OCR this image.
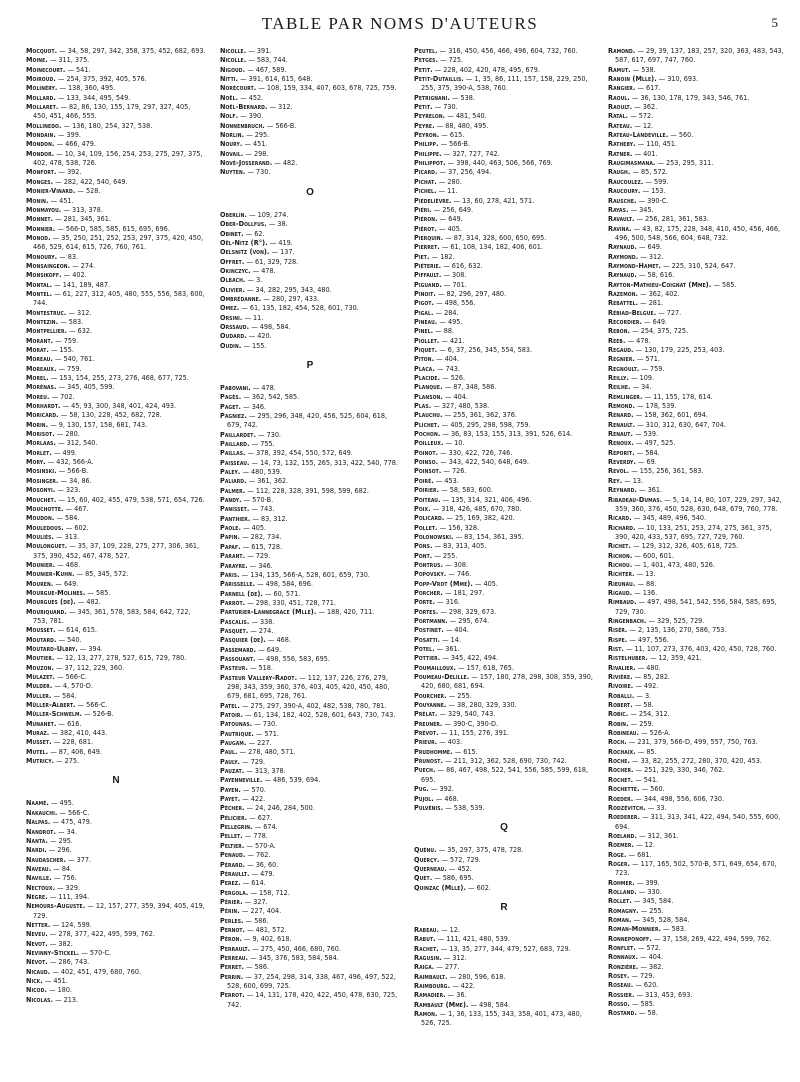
TABLE PAR NOMS D'AUTEURS	5
Mocquot. — 34, 58, 297, 342, 358, 375, 452, 682, 693.
Moine. — 311, 375.
Moinecourt. — 541.
Moiroud. — 254, 375, 392, 405, 576.
Molinéry. — 138, 360, 495.
Mollard. — 133, 344, 495, 549.
Mollaret. — 82, 86, 130, 155, 179, 297, 327, 405, 450, 451, 466, 555.
Mollinedo. — 136, 180, 254, 327, 538.
Mondain. — 399.
Mondon. — 466, 479.
Mondor. — 10, 34, 109, 156, 254, 253, 275, 297, 375, 402, 478, 538, 726.
Monfort. — 392.
Monges. — 282, 422, 540, 649.
Monier-Vinard. — 528.
Monin. — 451.
Monmayou. — 313, 378.
Monnet. — 281, 345, 361.
Monnier. — 566-D, 585, 585, 615, 695, 696.
Monod. — 35, 250, 251, 252, 253, 297, 375, 420, 450, 466, 529, 614, 615, 726, 760, 761.
Monoury. — 83.
Monsaingeon. — 274.
Monsikoff. — 402.
Montal. — 141, 189, 487.
Montel. — 61, 227, 312, 405, 480, 555, 556, 583, 600, 744.
Montestruc. — 312.
Montezin. — 583.
Montpellier. — 632.
Morant. — 759.
Morat. — 155.
Moreau. — 540, 761.
Moreaux. — 759.
Morel. — 153, 154, 255, 273, 276, 468, 677, 725.
Morénas. — 345, 405, 599.
Moreu. — 702.
Morhardt. — 45, 93, 300, 348, 401, 424, 493.
Moricard. — 58, 130, 228, 452, 682, 728.
Morin. — 9, 130, 157, 158, 681, 743.
Morisot. — 280.
Morlaas. — 312, 540.
Morlet. — 499.
Mory. — 432, 566-A.
Mosinski. — 566-B.
Mosinger. — 34, 86.
Mosonyi. — 323.
Mouchet. — 15, 60, 402, 455, 479, 538, 571, 654, 726.
Mouchotte. — 467.
Moudon. — 584.
Mouledous. — 602.
Mouliès. — 313.
Moulonguet. — 35, 37, 109, 228, 275, 277, 306, 361, 375, 390, 452, 467, 478, 527.
Mounier. — 468.
Mounier-Kuhn. — 85, 345, 572.
Mouren. — 649.
Mourgue-Molines. — 585.
Mourgues (de). — 482.
Mouriquand. — 345, 361, 578, 583, 584, 642, 722, 753, 781.
Mousset. — 614, 615.
Moutard. — 540.
Moutard-Ulbry. — 394.
Moutier. — 12, 13, 277, 278, 527, 615, 729, 780.
Mouzon. — 37, 112, 229, 360.
Mulazet. — 566-C.
Mulder. — 4, 570-D.
Muller. — 584.
Müller-Albert. — 566-C.
Müller-Schwelm. — 526-B.
Munanet. — 616.
Muraz. — 382, 410, 443.
Musset. — 228, 681.
Mutel. — 87, 406, 649.
Mutricy. — 275.
N
Naamé. — 495.
Nakauchi. — 566-C.
Nalpas. — 475, 479.
Nandrot. — 34.
Nanta. — 295.
Nardi. — 296.
Naudascher. — 377.
Naveau. — 84.
Naville. — 756.
Nectoux. — 329.
Nègre. — 111, 394.
Nemours-Auguste. — 12, 157, 277, 359, 394, 405, 419, 729.
Netter. — 124, 599.
Neveu. — 278, 377, 422, 495, 599, 762.
Nevot. — 382.
Nevinny-Stickel. — 570-C.
Névot. — 286, 743.
Nicaud. — 402, 451, 479, 680, 760.
Nick. — 451.
Nicod. — 180.
Nicolas. — 213.
Nicolle. — 391.
Nicolle. — 583, 744.
Nigoud. — 467, 589.
Nitti. — 391, 614, 615, 648.
Norécourt. — 108, 159, 334, 407, 603, 678, 725, 759.
Noël. — 452.
Noël-Bernard. — 312.
Nolf. — 390.
Nonnenbruch. — 566-B.
Norlin. — 295.
Noury. — 451.
Novail. — 298.
Nové-Josserand. — 482.
Nuyten. — 730.
O
Oberlin. — 109, 274.
Ober-Dollfus. — 38.
Obinet. — 62.
Oël-Nitz (R°). — 419.
Oelsnitz (von). — 137.
Offret. — 61, 329, 728.
Okinczyc. — 478.
Olbach. — 3.
Olivier. — 34, 282, 295, 343, 480.
Ombrédanne. — 280, 297, 433.
Omez. — 61, 135, 182, 454, 528, 601, 730.
Orsini. — 11.
Orssaud. — 498, 584.
Oudard. — 420.
Oudin. — 155.
P
Pabovani. — 478.
Pagès. — 362, 542, 585.
Paget. — 346.
Pagniez. — 295, 296, 348, 420, 456, 525, 604, 618, 679, 742.
Paillardet. — 730.
Paillard. — 755.
Paillas. — 378, 392, 454, 550, 572, 649.
Paisseau. — 14, 73, 132, 155, 265, 313, 422, 540, 778.
Paley. — 480, 539.
Paliard. — 361, 362.
Palmer. — 112, 228, 328, 391, 598, 599, 682.
Pandy. — 570-B.
Panisset. — 743.
Panthier. — 83, 312.
Paole. — 405.
Papin. — 282, 734.
Papaf. — 615, 728.
Parant. — 729.
Parayre. — 346.
Paris. — 134, 135, 566-A, 528, 601, 659, 730.
Parisselle. — 498, 584, 696.
Parnell (de). — 60, 571.
Parrot. — 298, 330, 451, 728, 771.
Parturier-Lannegrace (Mlle). — 188, 420, 711.
Pascalis. — 338.
Pasquet. — 274.
Pasquier (de). — 468.
Passemard. — 649.
Passouant. — 498, 556, 583, 695.
Pasteur. — 518.
Pasteur Vallery-Radot. — 112, 137, 226, 276, 279, 298, 343, 359, 360, 376, 403, 405, 420, 450, 480, 679, 681, 695, 728, 761.
Patel. — 275, 297, 390-A, 402, 482, 538, 780, 781.
Patoir. — 61, 134, 182, 402, 528, 601, 643, 730, 743.
Patounas. — 730.
Pautrique. — 571.
Paugam. — 227.
Paul. — 278, 480, 571.
Pauly. — 729.
Pauzat. — 313, 378.
Payenneville. — 486, 539, 694.
Payen. — 570.
Payet. — 422.
Pécher. — 24, 246, 284, 500.
Pélicier. — 627.
Pellegrin. — 674.
Pellet. — 778.
Peltier. — 570-A.
Penaud. — 762.
Pérard. — 36, 60.
Péraullt. — 479.
Perez. — 614.
Pergola. — 158, 712.
Périer. — 327.
Périn. — 227, 404.
Perles. — 586.
Pernot. — 481, 572.
Péron. — 9, 402, 618.
Perrault. — 275, 450, 466, 680, 760.
Perreau. — 345, 376, 583, 584, 584.
Perret. — 586.
Perrin. — 37, 254, 298, 314, 338, 467, 496, 497, 522, 528, 600, 699, 725.
Perrot. — 14, 131, 178, 420, 422, 450, 478, 630, 725, 742.
Peutel. — 316, 450, 456, 466, 496, 604, 732, 760.
Petges. — 725.
Petit. — 228, 402, 420, 478, 495, 679.
Petit-Dutaillis. — 1, 35, 86, 111, 157, 158, 229, 250, 255, 375, 390-A, 538, 760.
Petrignani. — 538.
Petit. — 730.
Peyrelon. — 481, 540.
Peyre. — 88, 480, 495.
Peyron. — 615.
Philipp. — 566-B.
Philippe. — 327, 727, 742.
Philippot. — 398, 440, 463, 506, 566, 769.
Picard. — 37, 256, 494.
Pichat. — 280.
Pichel. — 11.
Piédelièvre. — 13, 60, 278, 421, 571.
Piéri. — 256, 649.
Piéron. — 649.
Piérot. — 405.
Pierquin. — 87, 314, 328, 600, 650, 695.
Pierret. — 61, 108, 134, 182, 406, 601.
Piet. — 182.
Piéterie. — 616, 632.
Piffault. — 308.
Piguand. — 701.
Pinoit. — 82, 296, 297, 480.
Pigot. — 498, 556.
Pigal. — 284.
Pineau. — 495.
Pinel. — 88.
Piollet. — 421.
Piquet. — 6, 37, 256, 345, 554, 583.
Piton. — 404.
Placa. — 743.
Placide. — 526.
Planque. — 87, 348, 586.
Planson. — 404.
Plas. — 327, 480, 538.
Plauchu. — 255, 361, 362, 376.
Plichet. — 405, 295, 298, 598, 759.
Pochon. — 36, 83, 153, 155, 313, 391, 526, 614.
Poilleux. — 10.
Poinot. — 330, 422, 726, 746.
Poinso. — 343, 422, 540, 648, 649.
Poinsot. — 726.
Poiré. — 453.
Poirier. — 58, 583, 600.
Poiteau. — 135, 314, 321, 406, 496.
Poix. — 318, 426, 485, 670, 780.
Policard. — 25, 169, 382, 420.
Pollet. — 156, 328.
Polonowski. — 83, 154, 361, 395.
Pons. — 83, 313, 405.
Pont. — 255.
Pontrus. — 308.
Popovsky. — 746.
Popp-Vrot (Mme). — 405.
Porcher. — 181, 297.
Porte. — 316.
Portes. — 298, 329, 673.
Portmann. — 295, 674.
Postinet. — 404.
Posatti. — 14.
Potel. — 361.
Pottier. — 345, 422, 494.
Poumailloux. — 157, 618, 765.
Poumeau-Delille. — 157, 180, 278, 298, 308, 359, 390, 420, 680, 681, 694.
Pourcher. — 255.
Pouyanne. — 38, 280, 329, 330.
Prélat. — 329, 540, 743.
Preuner. — 390-C, 390-D.
Prévot. — 11, 155, 276, 391.
Prieur. — 403.
Prudhomme. — 615.
Prunost. — 211, 312, 362, 528, 690, 730, 742.
Puech. — 86, 467, 498, 522, 541, 556, 585, 599, 618, 695.
Pug. — 392.
Pujol. — 468.
Pulvénis. — 538, 539.
Q
Quénu. — 35, 297, 375, 478, 728.
Querçy. — 572, 729.
Querneau. — 452.
Quet. — 586, 695.
Quinzac (Mlle). — 602.
R
Rabeau. — 12.
Rabut. — 111, 421, 480, 539.
Rachet. — 13, 35, 277, 344, 479, 527, 683, 729.
Ragusin. — 312.
Raiga. — 277.
Raimbault. — 280, 596, 618.
Raimbourg. — 422.
Ramadier. — 36.
Rambault (Mme). — 498, 584.
Ramon. — 1, 36, 133, 155, 343, 358, 401, 473, 480, 526, 725.
Ramond. — 29, 39, 137, 183, 257, 320, 363, 483, 543, 587, 617, 697, 747, 760.
Ramut. — 538.
Ranoin (Mlle). — 310, 693.
Rangier. — 617.
Raoul. — 36, 130, 178, 179, 343, 546, 761.
Raoult. — 362.
Ratal. — 572.
Rateau. — 12.
Rateau-Landeville. — 560.
Ratheby. — 110, 451.
Ratner. — 401.
Raugimasmana. — 253, 295, 311.
Raugh. — 85, 572.
Raucoulez. — 599.
Raucoury. — 153.
Rausche. — 390-C.
Rayas. — 345.
Ravault. — 256, 281, 361, 583.
Ravina. — 43, 82, 175, 228, 348, 410, 450, 456, 466, 496, 500, 548, 566, 604, 648, 732.
Raynaud. — 649.
Raymond. — 312.
Raymond-Hamet. — 225, 310, 524, 647.
Raynaud. — 58, 616.
Rayton-Mathieu-Coignat (Mme). — 585.
Razemon. — 362, 402.
Rebattel. — 281.
Rébiad-Belgue. — 727.
Recordier. — 649.
Rebon. — 254, 375, 725.
Reeb. — 478.
Regaud. — 130, 179, 225, 253, 403.
Regnier. — 571.
Regnoult. — 759.
Reilly. — 109.
Reilhe. — 34.
Remlinger. — 11, 155, 178, 614.
Remond. — 178, 539.
Renard. — 158, 362, 601, 694.
Renault. — 310, 312, 630, 647, 704.
Renaut. — 539.
Renoux. — 497, 525.
Reporit. — 584.
Reverdy. — 69.
Revol. — 155, 256, 361, 583.
Rey. — 13.
Reynard. — 361.
Ribadeau-Dumas. — 5, 14, 14, 80, 107, 229, 297, 342, 359, 360, 376, 450, 528, 630, 648, 679, 760, 778.
Ricard. — 345, 489, 496, 540.
Richard. — 10, 133, 251, 253, 274, 275, 361, 375, 390, 420, 433, 537, 695, 727, 729, 760.
Richet. — 129, 312, 326, 405, 618, 725.
Richon. — 600, 601.
Richou. — 1, 401, 473, 480, 526.
Richter. — 13.
Rieunau. — 88.
Rigaud. — 136.
Rimbaud. — 497, 498, 541, 542, 556, 584, 585, 695, 729, 730.
Ringenbach. — 329, 525, 729.
Risér. — 2, 135, 136, 270, 586, 753.
Rispe. — 497, 556.
Rist. — 11, 107, 273, 376, 403, 420, 450, 728, 760.
Ristelhuber. — 12, 359, 421.
Rivalier. — 480.
Rivière. — 85, 282.
Rivoire. — 492.
Roballi. — 3.
Robert. — 58.
Robic. — 254, 312.
Robin. — 259.
Robineau. — 526-A.
Roch. — 231, 379, 566-D, 499, 557, 750, 763.
Rochaix. — 85.
Roche. — 33, 82, 255, 272, 280, 370, 420, 453.
Rocher. — 251, 329, 330, 346, 762.
Rochet. — 541.
Rochette. — 560.
Roeder. — 344, 498, 556, 606, 730.
Rodzévitch. — 33.
Roederer. — 311, 313, 341, 422, 494, 540, 555, 600, 694.
Roeland. — 312, 361.
Roemer. — 12.
Roge. — 681.
Roger. — 117, 165, 502, 570-B, 571, 649, 654, 670, 723.
Rohmer. — 399.
Rolland. — 330.
Rollet. — 345, 584.
Romagny. — 255.
Roman. — 345, 528, 584.
Roman-Monnier. — 583.
Ronneponoff. — 37, 158, 269, 422, 494, 599, 762.
Ronflet. — 572.
Ronnaux. — 404.
Ronzière. — 382.
Rosey. — 729.
Roseau. — 620.
Rossier. — 313, 453, 693.
Rosso. — 585.
Rostand. — 58.
